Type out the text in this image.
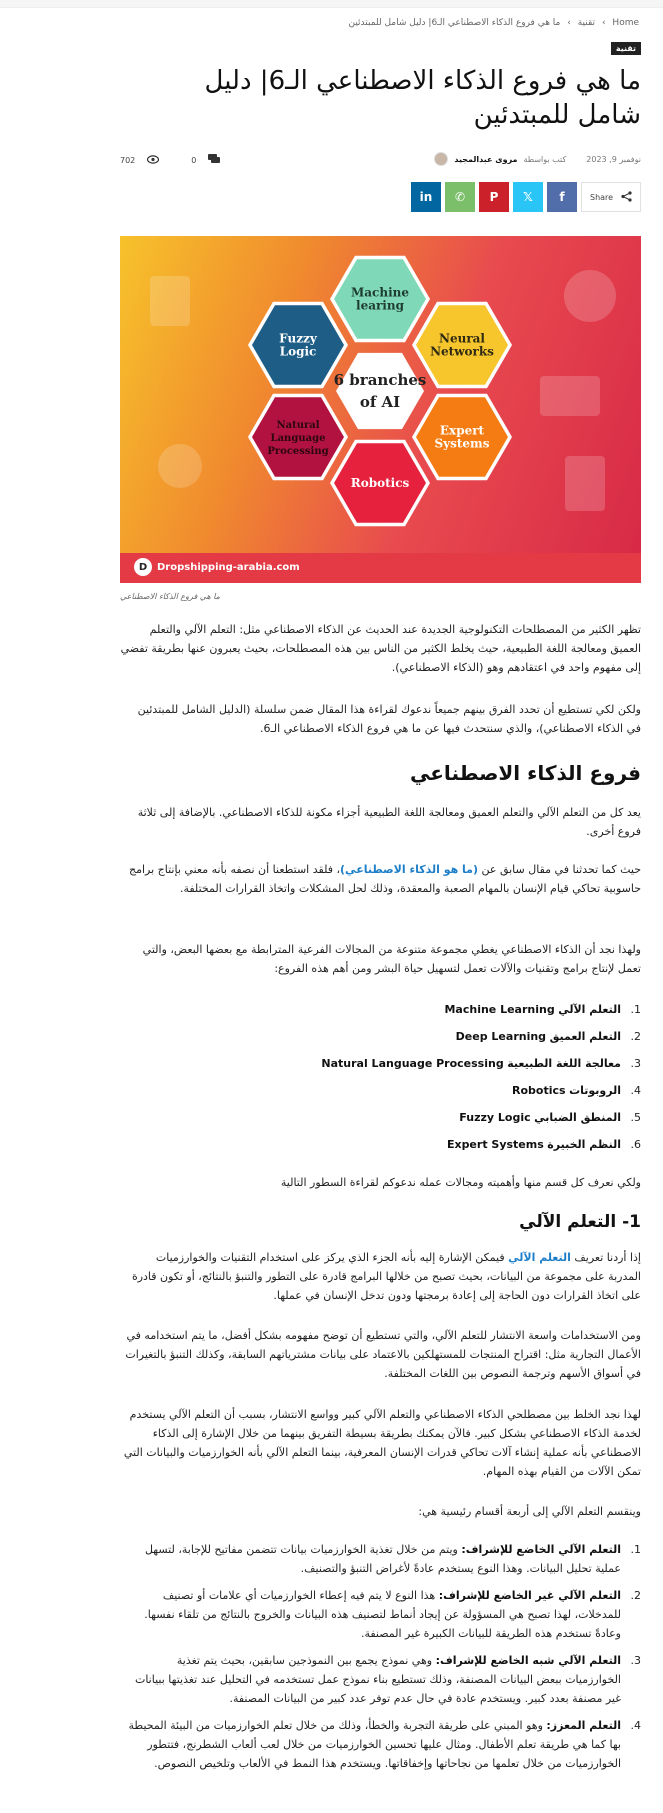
Home › تقنية › ما هي فروع الذكاء الاصطناعي الـ6| دليل شامل للمبتدئين
تقنية
ما هي فروع الذكاء الاصطناعي الـ6| دليل شامل للمبتدئين
نوفمبر 9, 2023
كتب بواسطة
مروى عبدالمجيد
702	0
Share
f
𝕏
P
✆
in
Machine
learing
Neural
Networks
Expert
Systems
Robotics
Natural
Language
Processing
Fuzzy
Logic
6 branches
of AI
D Dropshipping-arabia.com
ما هي فروع الذكاء الاصطناعي

تظهر الكثير من المصطلحات التكنولوجية الجديدة عند الحديث عن الذكاء الاصطناعي مثل: التعلم الآلي والتعلم العميق ومعالجة اللغة الطبيعية، حيث يخلط الكثير من الناس بين هذه المصطلحات، بحيث يعبرون عنها بطريقة تفضي إلى مفهوم واحد في اعتقادهم وهو (الذكاء الاصطناعي).

ولكن لكي تستطيع أن تحدد الفرق بينهم جميعاً ندعوك لقراءة هذا المقال ضمن سلسلة (الدليل الشامل للمبتدئين في الذكاء الاصطناعي)، والذي سنتحدث فيها عن ما هي فروع الذكاء الاصطناعي الـ6.

فروع الذكاء الاصطناعي

يعد كل من التعلم الآلي والتعلم العميق ومعالجة اللغة الطبيعية أجزاء مكونة للذكاء الاصطناعي. بالإضافة إلى ثلاثة فروع أخرى.

حيث كما تحدثنا في مقال سابق عن (ما هو الذكاء الاصطناعي)، فلقد استطعنا أن نصفه بأنه معني بإنتاج برامج حاسوبية تحاكي قيام الإنسان بالمهام الصعبة والمعقدة، وذلك لحل المشكلات واتخاذ القرارات المختلفة.

ولهذا نجد أن الذكاء الاصطناعي يغطي مجموعة متنوعة من المجالات الفرعية المترابطة مع بعضها البعض، والتي تعمل لإنتاج برامج وتقنيات والآلات تعمل لتسهيل حياة البشر ومن أهم هذه الفروع:

1.
التعلم الآلي Machine Learning
2.
التعلم العميق Deep Learning
3.
معالجة اللغة الطبيعية Natural Language Processing
4.
الروبوتات Robotics
5.
المنطق الضبابي Fuzzy Logic
6.
النظم الخبيرة Expert Systems

ولكي نعرف كل قسم منها وأهميته ومجالات عمله ندعوكم لقراءة السطور التالية

1- التعلم الآلي

إذا أردنا تعريف التعلم الآلي فيمكن الإشارة إليه بأنه الجزء الذي يركز على استخدام التقنيات والخوارزميات المدربة على مجموعة من البيانات، بحيث تصبح من خلالها البرامج قادرة على التطور والتنبؤ بالنتائج، أو تكون قادرة على اتخاذ القرارات دون الحاجة إلى إعادة برمجتها ودون تدخل الإنسان في عملها.

ومن الاستخدامات واسعة الانتشار للتعلم الآلي، والتي تستطيع أن توضح مفهومه بشكل أفضل، ما يتم استخدامه في الأعمال التجارية مثل: اقتراح المنتجات للمستهلكين بالاعتماد على بيانات مشترياتهم السابقة، وكذلك التنبؤ بالتغيرات في أسواق الأسهم وترجمة النصوص بين اللغات المختلفة.

لهذا نجد الخلط بين مصطلحي الذكاء الاصطناعي والتعلم الآلي كبير وواسع الانتشار، بسبب أن التعلم الآلي يستخدم لخدمة الذكاء الاصطناعي بشكل كبير. فالآن يمكنك بطريقة بسيطة التفريق بينهما من خلال الإشارة إلى الذكاء الاصطناعي بأنه عملية إنشاء آلات تحاكي قدرات الإنسان المعرفية، بينما التعلم الآلي بأنه الخوارزميات والبيانات التي تمكن الآلات من القيام بهذه المهام.

وينقسم التعلم الآلي إلى أربعة أقسام رئيسية هي:

1.
التعلم الآلي الخاضع للإشراف: ويتم من خلال تغذية الخوارزميات بيانات تتضمن مفاتيح للإجابة، لتسهل عملية تحليل البيانات. وهذا النوع يستخدم عادةً لأغراض التنبؤ والتصنيف.
2.
التعلم الآلي غير الخاضع للإشراف: هذا النوع لا يتم فيه إعطاء الخوارزميات أي علامات أو تصنيف للمدخلات، لهذا تصبح هي المسؤولة عن إيجاد أنماط لتصنيف هذه البيانات والخروج بالنتائج من تلقاء نفسها. وعادةً تستخدم هذه الطريقة للبيانات الكبيرة غير المصنفة.
3.
التعلم الآلي شبه الخاضع للإشراف: وهي نموذج يجمع بين النموذجين سابقين، بحيث يتم تغذية الخوارزميات ببعض البيانات المصنفة، وذلك تستطيع بناء نموذج عمل تستخدمه في التحليل عند تغذيتها ببيانات غير مصنفة بعدد كبير. ويستخدم عادة في حال عدم توفر عدد كبير من البيانات المصنفة.
4.
التعلم المعزز: وهو المبني على طريقة التجربة والخطأ، وذلك من خلال تعلم الخوارزميات من البيئة المحيطة بها كما هي طريقة تعلم الأطفال. ومثال عليها تحسين الخوارزميات من خلال لعب ألعاب الشطرنج، فتتطور الخوارزميات من خلال تعلمها من نجاحاتها وإخفاقاتها. ويستخدم هذا النمط في الألعاب وتلخيص النصوص.
